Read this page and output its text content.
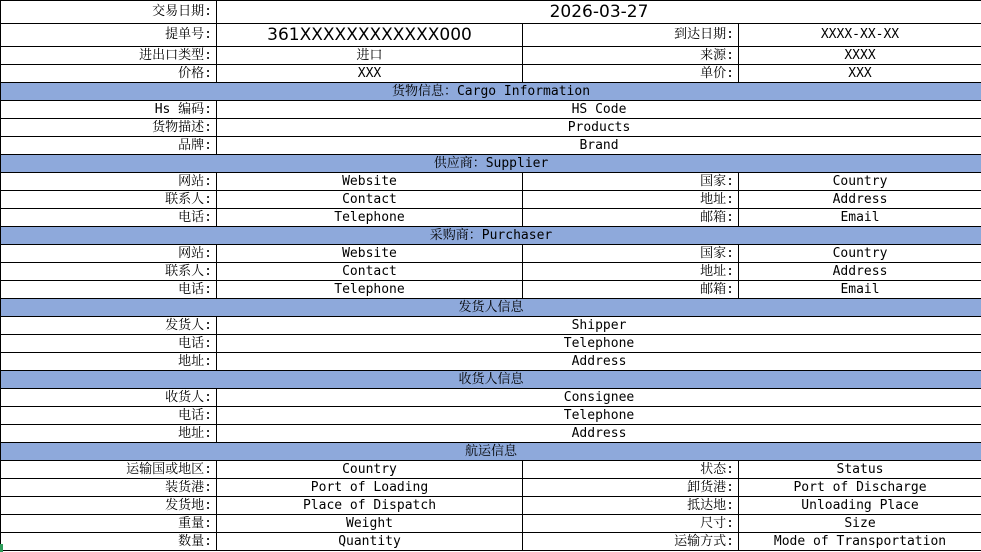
交易日期:	2026-03-27		
提单号:	361XXXXXXXXXXXX000	到达日期:	XXXX-XX-XX
进出口类型:	进口	来源:	XXXX
价格:	XXX	单价:	XXX
货物信息：Cargo Information			
Hs 编码:	HS Code		
货物描述:	Products		
品牌:	Brand		
供应商：Supplier			
网站:	Website	国家:	Country
联系人:	Contact	地址:	Address
电话:	Telephone	邮箱:	Email
采购商：Purchaser			
网站:	Website	国家:	Country
联系人:	Contact	地址:	Address
电话:	Telephone	邮箱:	Email
发货人信息			
发货人:	Shipper		
电话:	Telephone		
地址:	Address		
收货人信息			
收货人:	Consignee		
电话:	Telephone		
地址:	Address		
航运信息			
运输国或地区:	Country	状态:	Status
装货港:	Port of Loading	卸货港:	Port of Discharge
发货地:	Place of Dispatch	抵达地:	Unloading Place
重量:	Weight	尺寸:	Size
数量:	Quantity	运输方式:	Mode of Transportation
